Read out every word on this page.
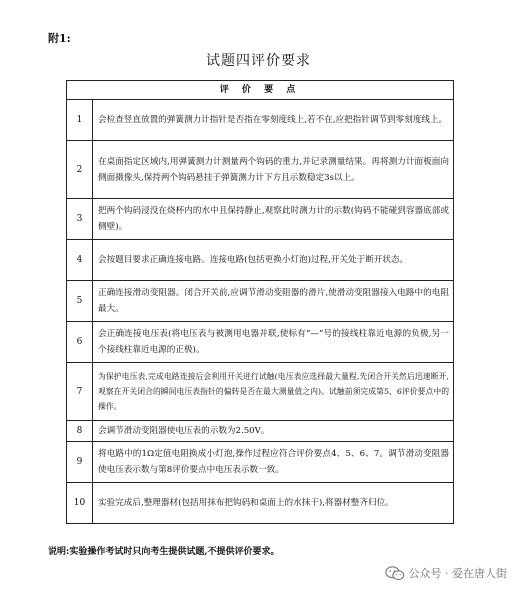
附1:
试题四评价要求
评 价 要 点	
1	会检查竖直放置的弹簧测力计指针是否指在零刻度线上,若不在,应把指针调节到零刻度线上。
2	在桌面指定区域内,用弹簧测力计测量两个钩码的重力,并记录测量结果。再将测力计面板面向侧面摄像头,保持两个钩码悬挂于弹簧测力计下方且示数稳定3s以上。
3	把两个钩码浸没在烧杯内的水中且保持静止,观察此时测力计的示数(钩码不能碰到容器底部或侧壁)。
4	会按题目要求正确连接电路。连接电路(包括更换小灯泡)过程,开关处于断开状态。
5	正确连接滑动变阻器。闭合开关前,应调节滑动变阻器的滑片,使滑动变阻器接入电路中的电阻最大。
6	会正确连接电压表(将电压表与被测用电器并联,使标有“—”号的接线柱靠近电源的负极,另一个接线柱靠近电源的正极)。
7	为保护电压表,完成电路连接后会利用开关进行试触(电压表应选择最大量程,先闭合开关然后迅速断开,观察在开关闭合的瞬间电压表指针的偏转是否在最大测量值之内)。试触前须完成第5、6评价要点中的操作。
8	会调节滑动变阻器使电压表的示数为2.50V。
9	将电路中的1Ω定值电阻换成小灯泡,操作过程应符合评价要点4、5、6、7。调节滑动变阻器使电压表示数与第8评价要点中电压表示数一致。
10	实验完成后,整理器材(包括用抹布把钩码和桌面上的水抹干),将器材整齐归位。
说明:实验操作考试时只向考生提供试题,不提供评价要求。
公众号 · 爱在唐人街
